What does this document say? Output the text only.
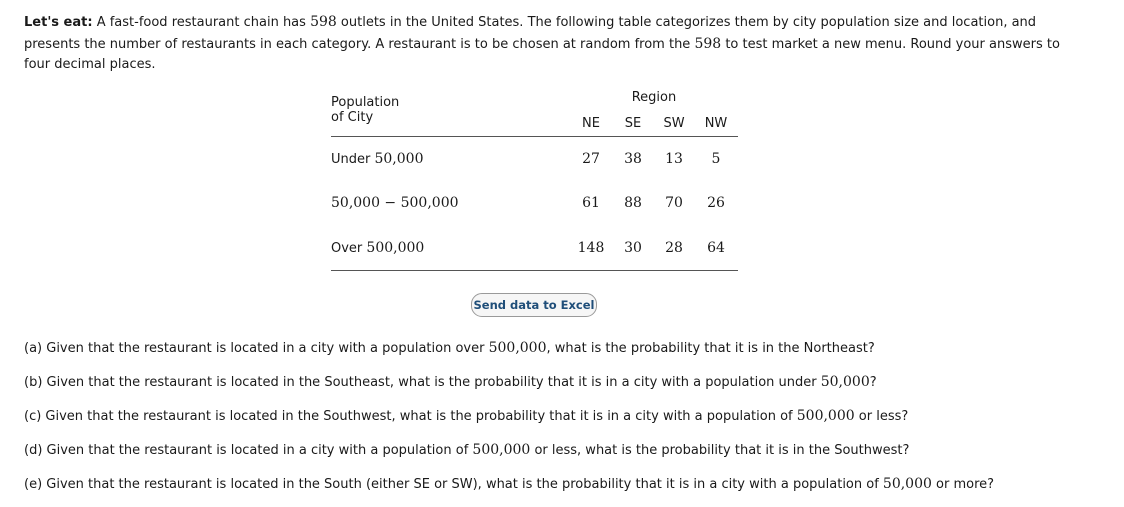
Let's eat: A fast-food restaurant chain has 598 outlets in the United States. The following table categorizes them by city population size and location, and
presents the number of restaurants in each category. A restaurant is to be chosen at random from the 598 to test market a new menu. Round your answers to
four decimal places.
Population
of City
Region
NE	SE	SW	NW
Under 50,000	27	38	13	5
50,000 − 500,000	61	88	70	26
Over 500,000	148	30	28	64
Send data to Excel
(a) Given that the restaurant is located in a city with a population over 500,000, what is the probability that it is in the Northeast?
(b) Given that the restaurant is located in the Southeast, what is the probability that it is in a city with a population under 50,000?
(c) Given that the restaurant is located in the Southwest, what is the probability that it is in a city with a population of 500,000 or less?
(d) Given that the restaurant is located in a city with a population of 500,000 or less, what is the probability that it is in the Southwest?
(e) Given that the restaurant is located in the South (either SE or SW), what is the probability that it is in a city with a population of 50,000 or more?
